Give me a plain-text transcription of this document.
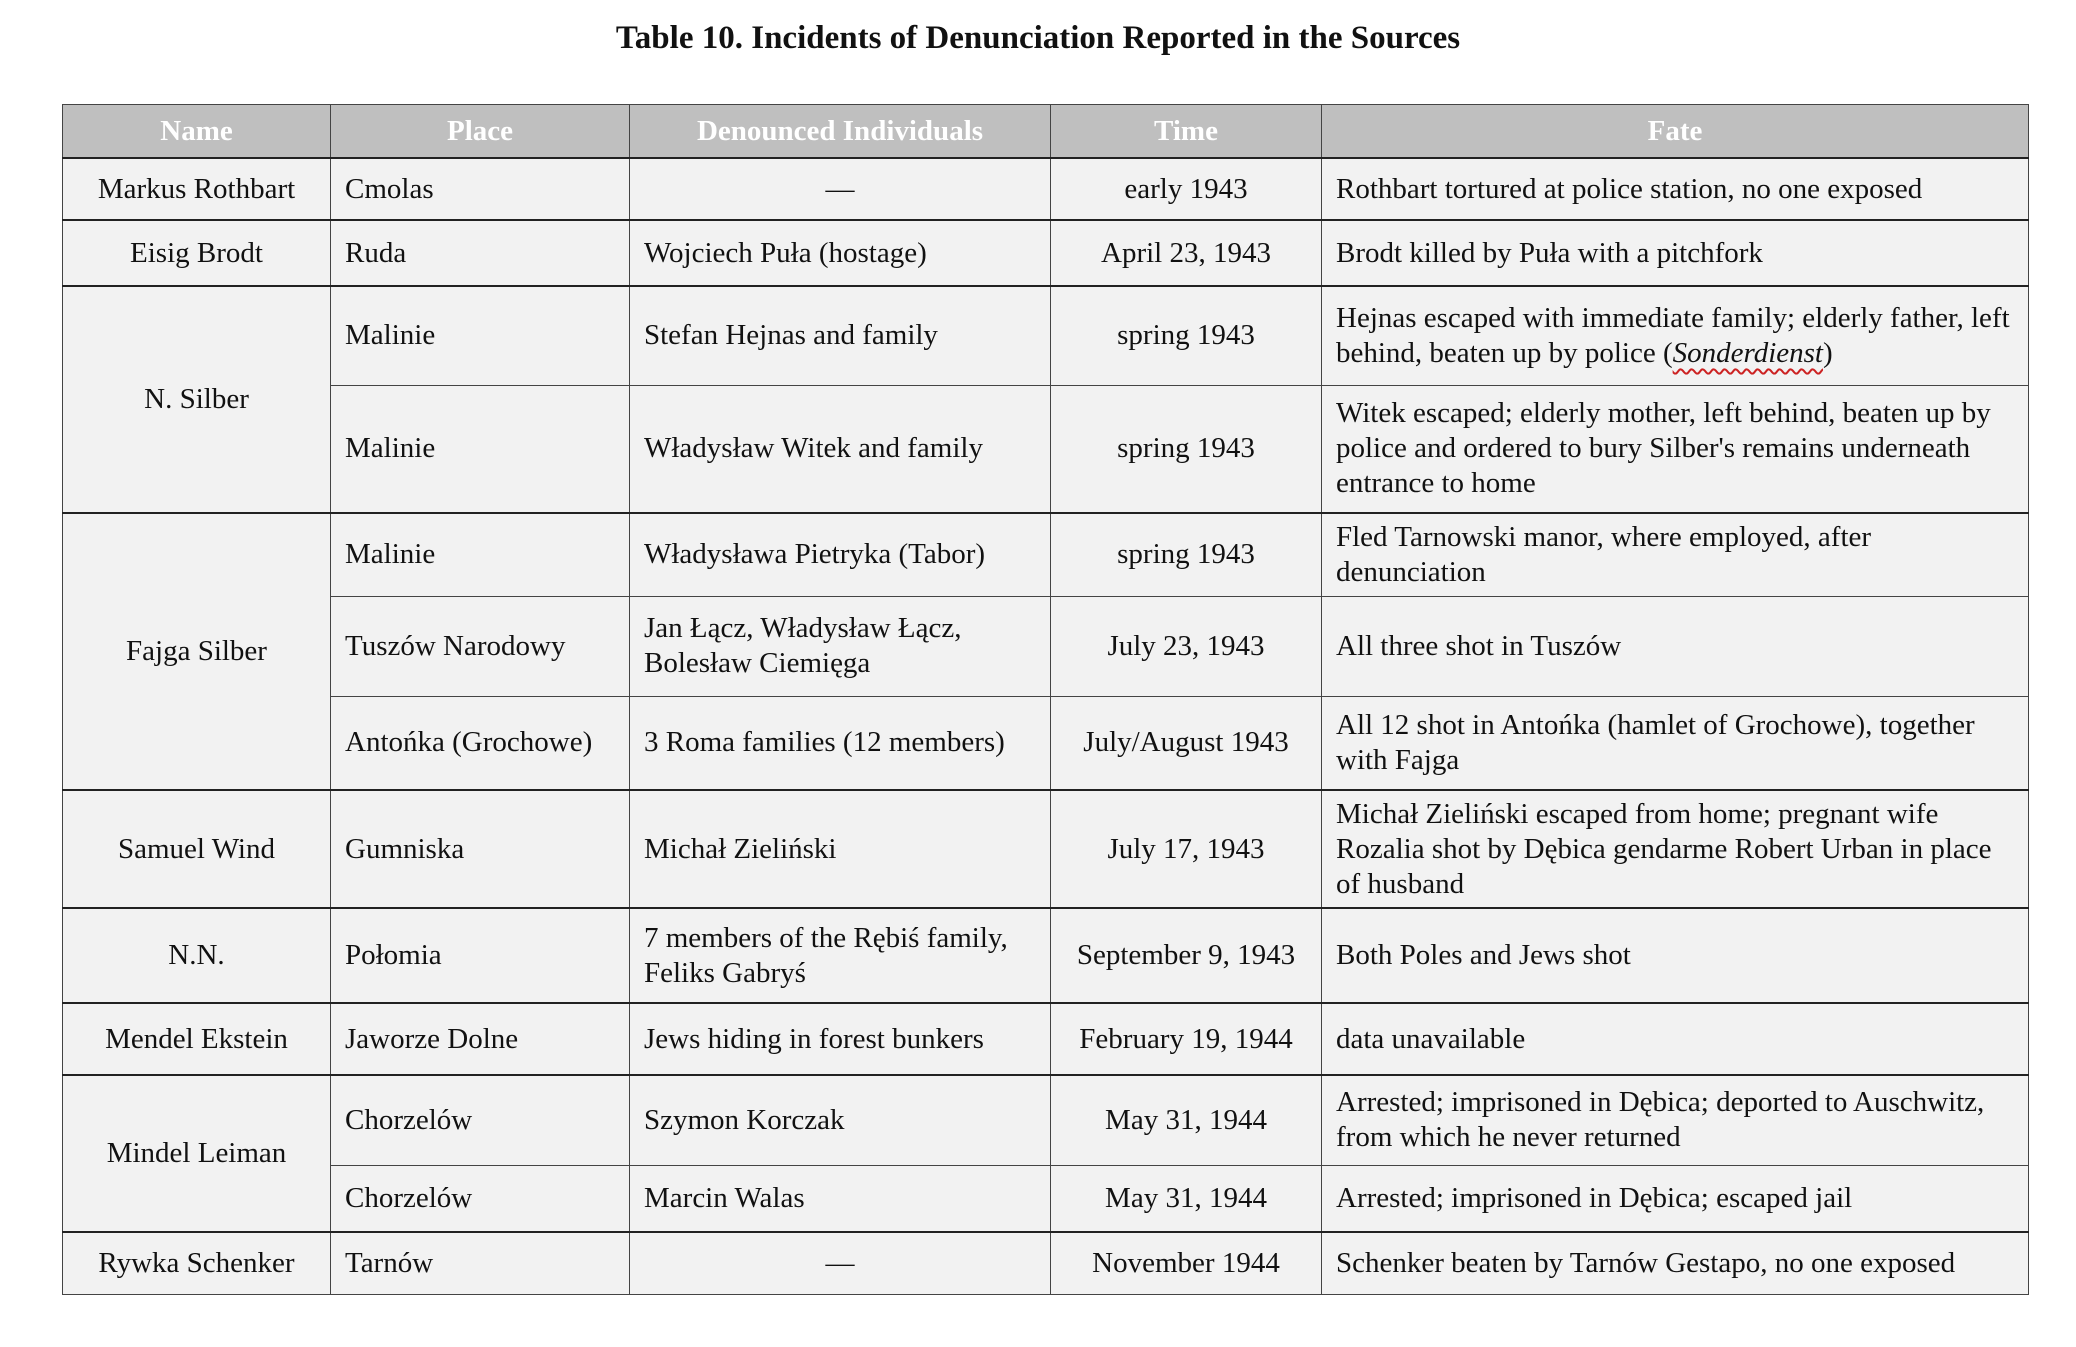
Table 10. Incidents of Denunciation Reported in the Sources
Name	Place	Denounced Individuals	Time	Fate
Markus Rothbart	Cmolas	—	early 1943	Rothbart tortured at police station, no one exposed
Eisig Brodt	Ruda	Wojciech Puła (hostage)	April 23, 1943	Brodt killed by Puła with a pitchfork
N. Silber	Malinie	Stefan Hejnas and family	spring 1943	Hejnas escaped with immediate family; elderly father, left behind, beaten up by police (Sonderdienst)
	Malinie	Władysław Witek and family	spring 1943	Witek escaped; elderly mother, left behind, beaten up by police and ordered to bury Silber's remains underneath entrance to home
Fajga Silber	Malinie	Władysława Pietryka (Tabor)	spring 1943	Fled Tarnowski manor, where employed, after denunciation
	Tuszów Narodowy	Jan Łącz, Władysław Łącz, Bolesław Ciemięga	July 23, 1943	All three shot in Tuszów
	Antońka (Grochowe)	3 Roma families (12 members)	July/August 1943	All 12 shot in Antońka (hamlet of Grochowe), together with Fajga
Samuel Wind	Gumniska	Michał Zieliński	July 17, 1943	Michał Zieliński escaped from home; pregnant wife Rozalia shot by Dębica gendarme Robert Urban in place of husband
N.N.	Połomia	7 members of the Rębiś family, Feliks Gabryś	September 9, 1943	Both Poles and Jews shot
Mendel Ekstein	Jaworze Dolne	Jews hiding in forest bunkers	February 19, 1944	data unavailable
Mindel Leiman	Chorzelów	Szymon Korczak	May 31, 1944	Arrested; imprisoned in Dębica; deported to Auschwitz, from which he never returned
	Chorzelów	Marcin Walas	May 31, 1944	Arrested; imprisoned in Dębica; escaped jail
Rywka Schenker	Tarnów	—	November 1944	Schenker beaten by Tarnów Gestapo, no one exposed
